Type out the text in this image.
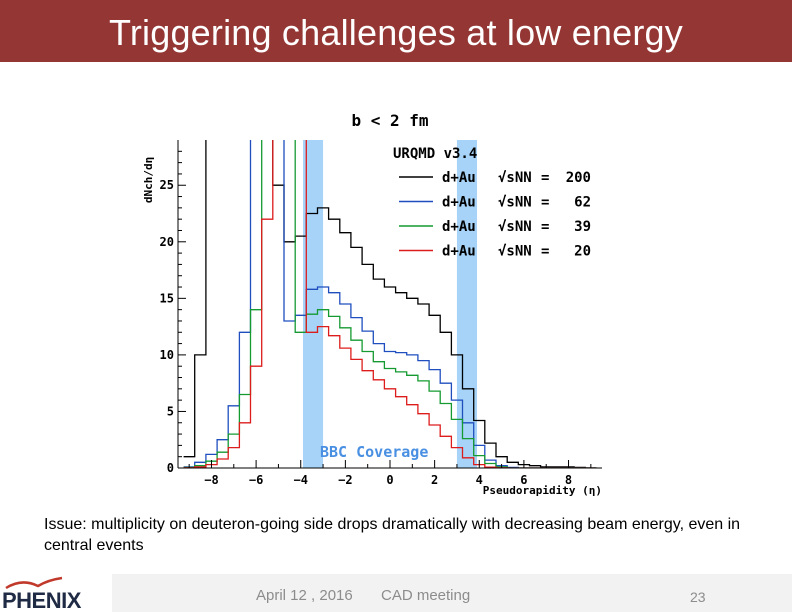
Triggering challenges at low energy
−8	−6	−4	−2	0	2	4	6	8
0
5
10
15
20
25
b < 2 fm
Pseudorapidity (η)
dNch/dη
BBC Coverage
URQMD v3.4
d+Au √sNN = 200
d+Au √sNN = 62
d+Au √sNN = 39
d+Au √sNN = 20
Issue: multiplicity on deuteron-going side drops dramatically with decreasing beam energy, even in central events
PHENIX	April 12 , 2016 CAD meeting	23
